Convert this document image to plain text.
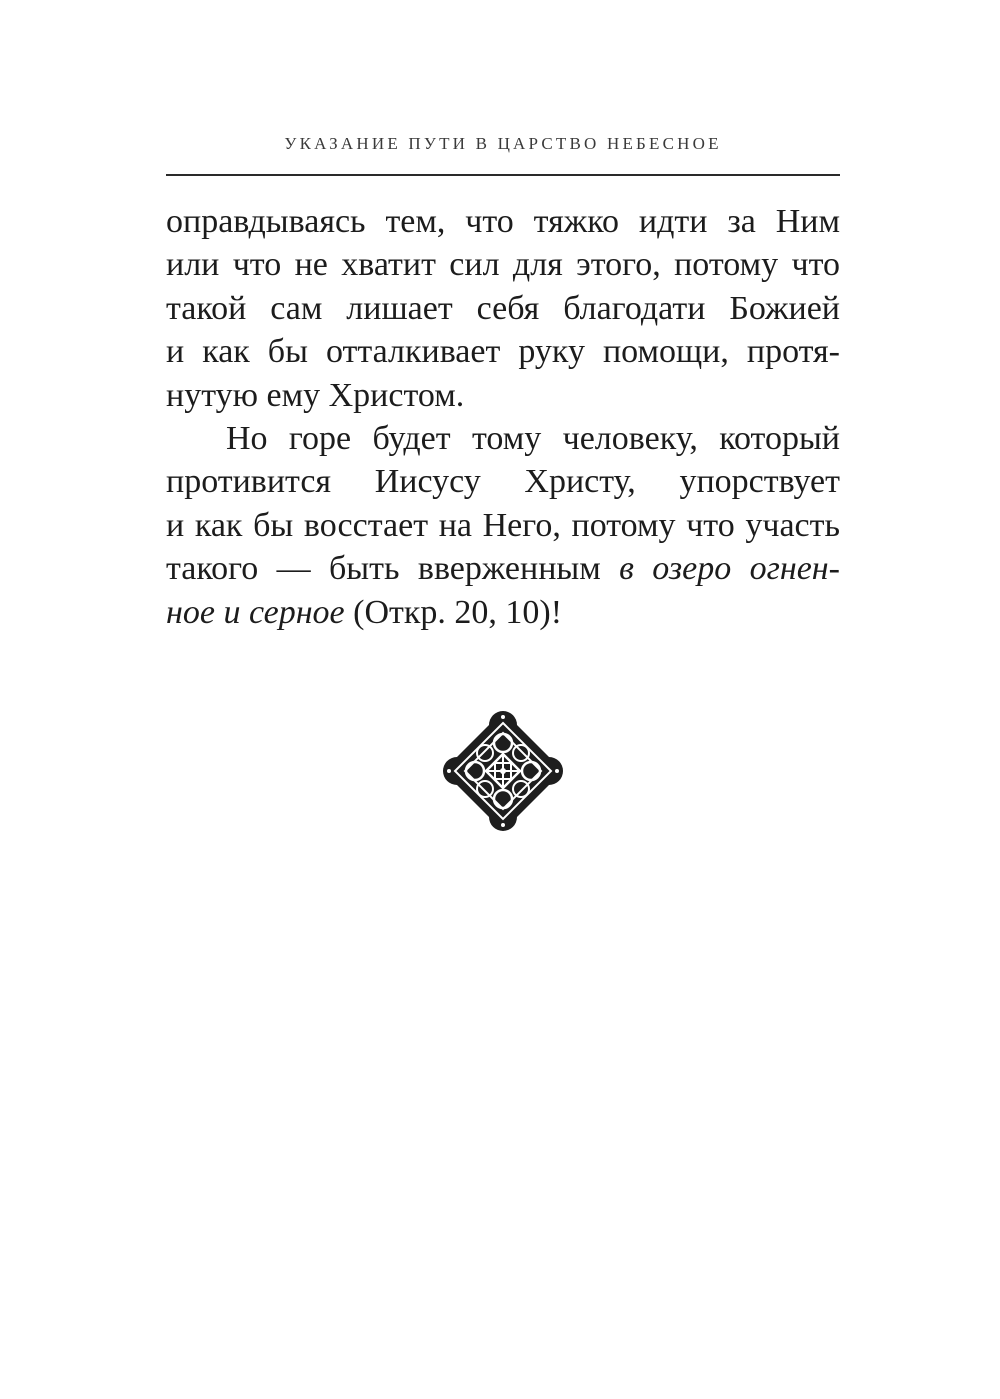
УКАЗАНИЕ ПУТИ В ЦАРСТВО НЕБЕСНОЕ
оправдываясь тем, что тяжко идти за Ним
или что не хватит сил для этого, потому что
такой сам лишает себя благодати Божией
и как бы отталкивает руку помощи, протя-
нутую ему Христом.
Но горе будет тому человеку, который
противится Иисусу Христу, упорствует
и как бы восстает на Него, потому что участь
такого — быть вверженным в озеро огнен-
ное и серное (Откр. 20, 10)!
